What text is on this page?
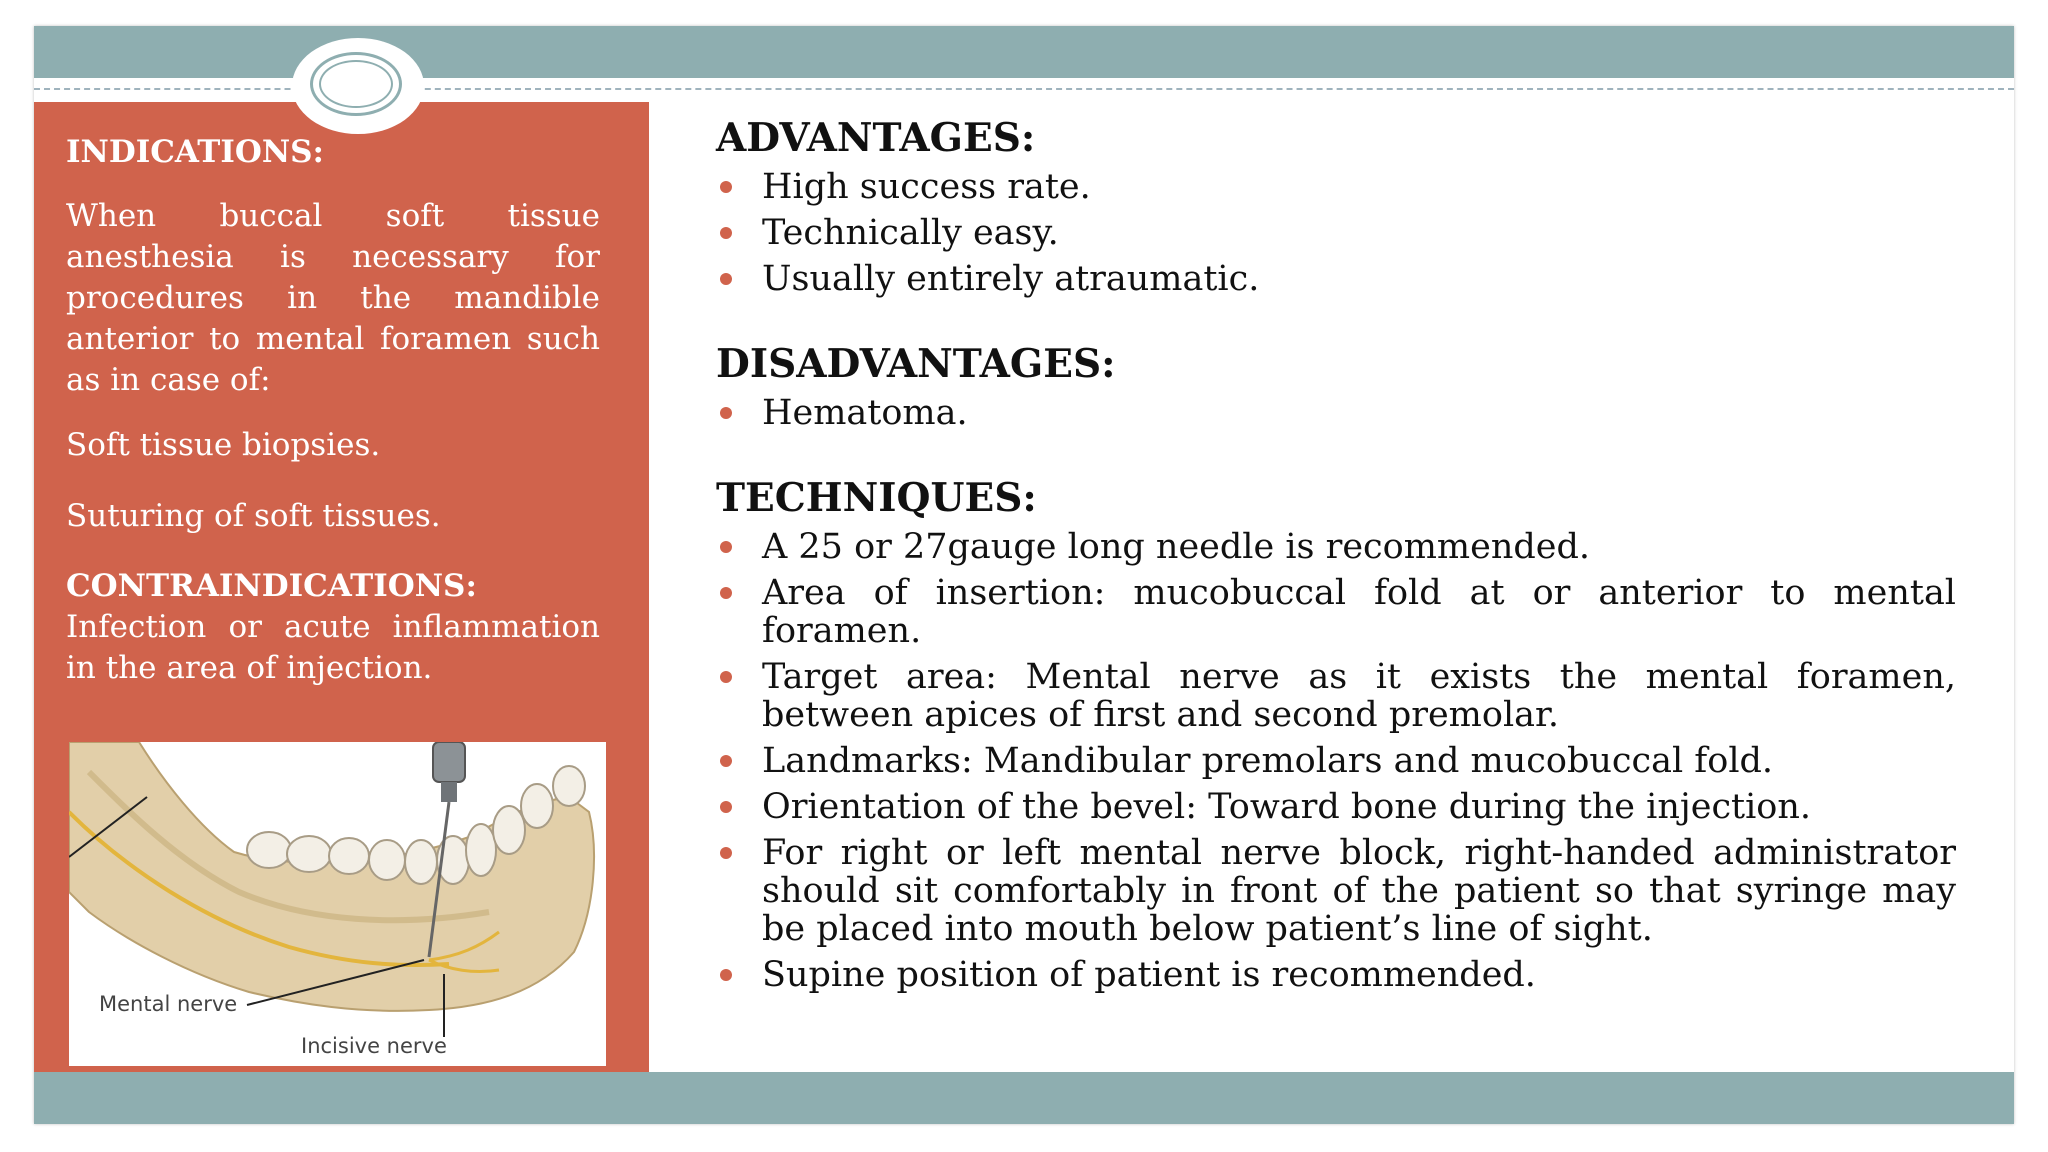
INDICATIONS:

When buccal soft tissue anesthesia is necessary for procedures in the mandible anterior to mental foramen such as in case of:

Soft tissue biopsies.

Suturing of soft tissues.

CONTRAINDICATIONS:

Infection or acute inflammation in the area of injection.

Mental nerve
Incisive nerve
ADVANTAGES:
High success rate.
Technically easy.
Usually entirely atraumatic.
DISADVANTAGES:
Hematoma.
TECHNIQUES:
A 25 or 27gauge long needle is recommended.
Area of insertion: mucobuccal fold at or anterior to mental foramen.
Target area: Mental nerve as it exists the mental foramen, between apices of first and second premolar.
Landmarks: Mandibular premolars and mucobuccal fold.
Orientation of the bevel: Toward bone during the injection.
For right or left mental nerve block, right-handed administrator should sit comfortably in front of the patient so that syringe may be placed into mouth below patient’s line of sight.
Supine position of patient is recommended.
